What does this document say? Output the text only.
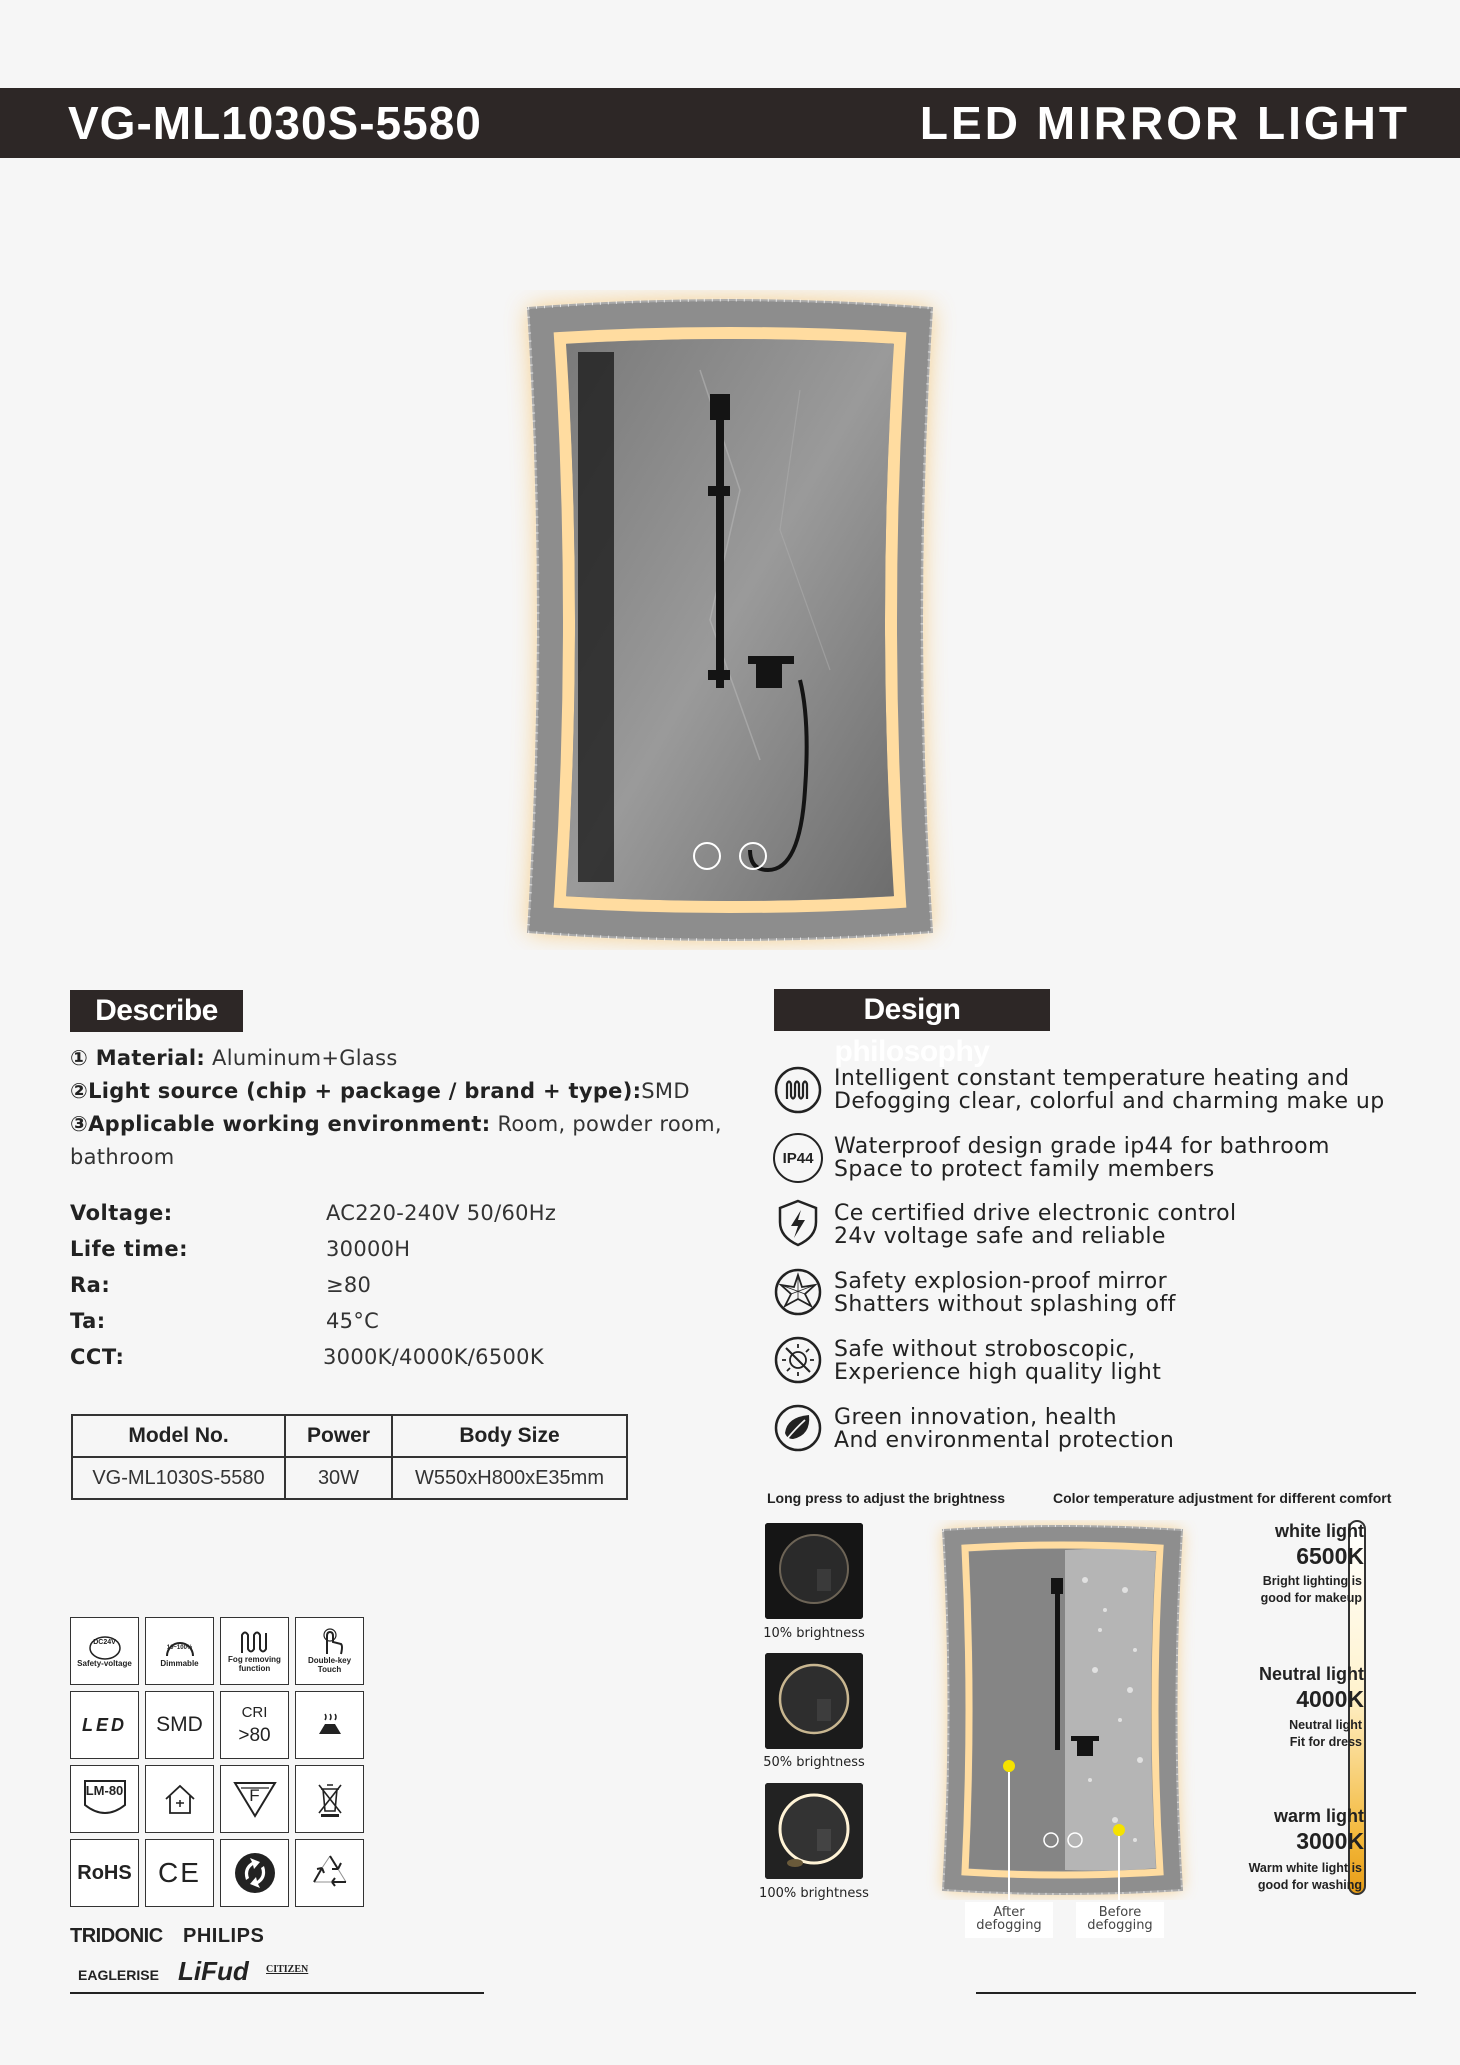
VG-ML1030S-5580	LED MIRROR LIGHT
Describe
① Material: Aluminum+Glass
②Light source (chip + package / brand + type):SMD
③Applicable working environment: Room, powder room,
bathroom
Voltage:	AC220-240V 50/60Hz
Life time:	30000H
Ra:	≥80
Ta:	45°C
CCT:	3000K/4000K/6500K
Model No.	Power	Body Size
VG-ML1030S-5580	30W	W550xH800xE35mm
DC24V
Safety-voltage
10~100%
Dimmable	Fog removing function
Double-key Touch
LED SMD
CRI
>80
LM-80	F
RoHS CE
TRIDONIC PHILIPS
EAGLERISE LiFud CITIZEN
Design philosophy
Intelligent constant temperature heating and
Defogging clear, colorful and charming make up
IP44 Waterproof design grade ip44 for bathroom
Space to protect family members
Ce certified drive electronic control
24v voltage safe and reliable
Safety explosion-proof mirror
Shatters without splashing off
Safe without stroboscopic,
Experience high quality light
Green innovation, health
And environmental protection
Long press to adjust the brightness	Color temperature adjustment for different comfort
10% brightness
50% brightness
100% brightness
After
defogging
Before
defogging
white light
6500K
Bright lighting is
good for makeup
Neutral light
4000K
Neutral light
Fit for dress
warm light
3000K
Warm white light is
good for washing
